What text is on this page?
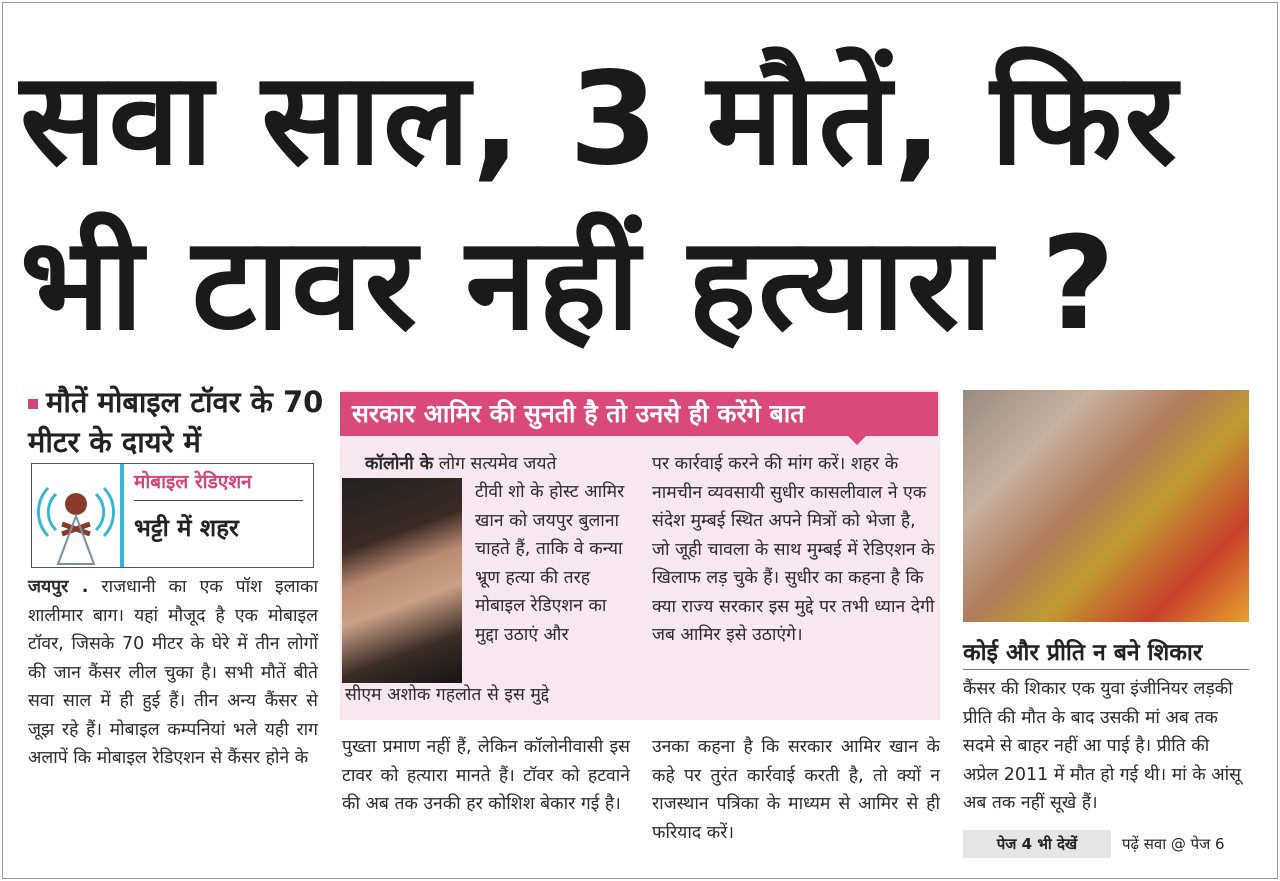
सवा साल, 3 मौतें, फिर
भी टावर नहीं हत्यारा ?
मौतें मोबाइल टॉवर के 70 मीटर के दायरे में
मोबाइल रेडिएशन
भट्टी में शहर
जयपुर . राजधानी का एक पॉश इलाका शालीमार बाग। यहां मौजूद है एक मोबाइल टॉवर, जिसके 70 मीटर के घेरे में तीन लोगों की जान कैंसर लील चुका है। सभी मौतें बीते सवा साल में ही हुई हैं। तीन अन्य कैंसर से जूझ रहे हैं। मोबाइल कम्पनियां भले यही राग अलापें कि मोबाइल रेडिएशन से कैंसर होने के
सरकार आमिर की सुनती है तो उनसे ही करेंगे बात
कॉलोनी के लोग सत्यमेव जयते
टीवी शो के होस्ट आमिर खान को जयपुर बुलाना चाहते हैं, ताकि वे कन्या भ्रूण हत्या की तरह मोबाइल रेडिएशन का मुद्दा उठाएं और
सीएम अशोक गहलोत से इस मुद्दे
पर कार्रवाई करने की मांग करें। शहर के नामचीन व्यवसायी सुधीर कासलीवाल ने एक संदेश मुम्बई स्थित अपने मित्रों को भेजा है, जो जूही चावला के साथ मुम्बई में रेडिएशन के खिलाफ लड़ चुके हैं। सुधीर का कहना है कि क्या राज्य सरकार इस मुद्दे पर तभी ध्यान देगी जब आमिर इसे उठाएंगे।
पुख्ता प्रमाण नहीं हैं, लेकिन कॉलोनीवासी इस टावर को हत्यारा मानते हैं। टॉवर को हटवाने की अब तक उनकी हर कोशिश बेकार गई है।
उनका कहना है कि सरकार आमिर खान के कहे पर तुरंत कार्रवाई करती है, तो क्यों न राजस्थान पत्रिका के माध्यम से आमिर से ही फरियाद करें।
कोई और प्रीति न बने शिकार
कैंसर की शिकार एक युवा इंजीनियर लड़की प्रीति की मौत के बाद उसकी मां अब तक सदमे से बाहर नहीं आ पाई है। प्रीति की अप्रेल 2011 में मौत हो गई थी। मां के आंसू अब तक नहीं सूखे हैं।
पेज 4 भी देखें	पढ़ें सवा @ पेज 6
